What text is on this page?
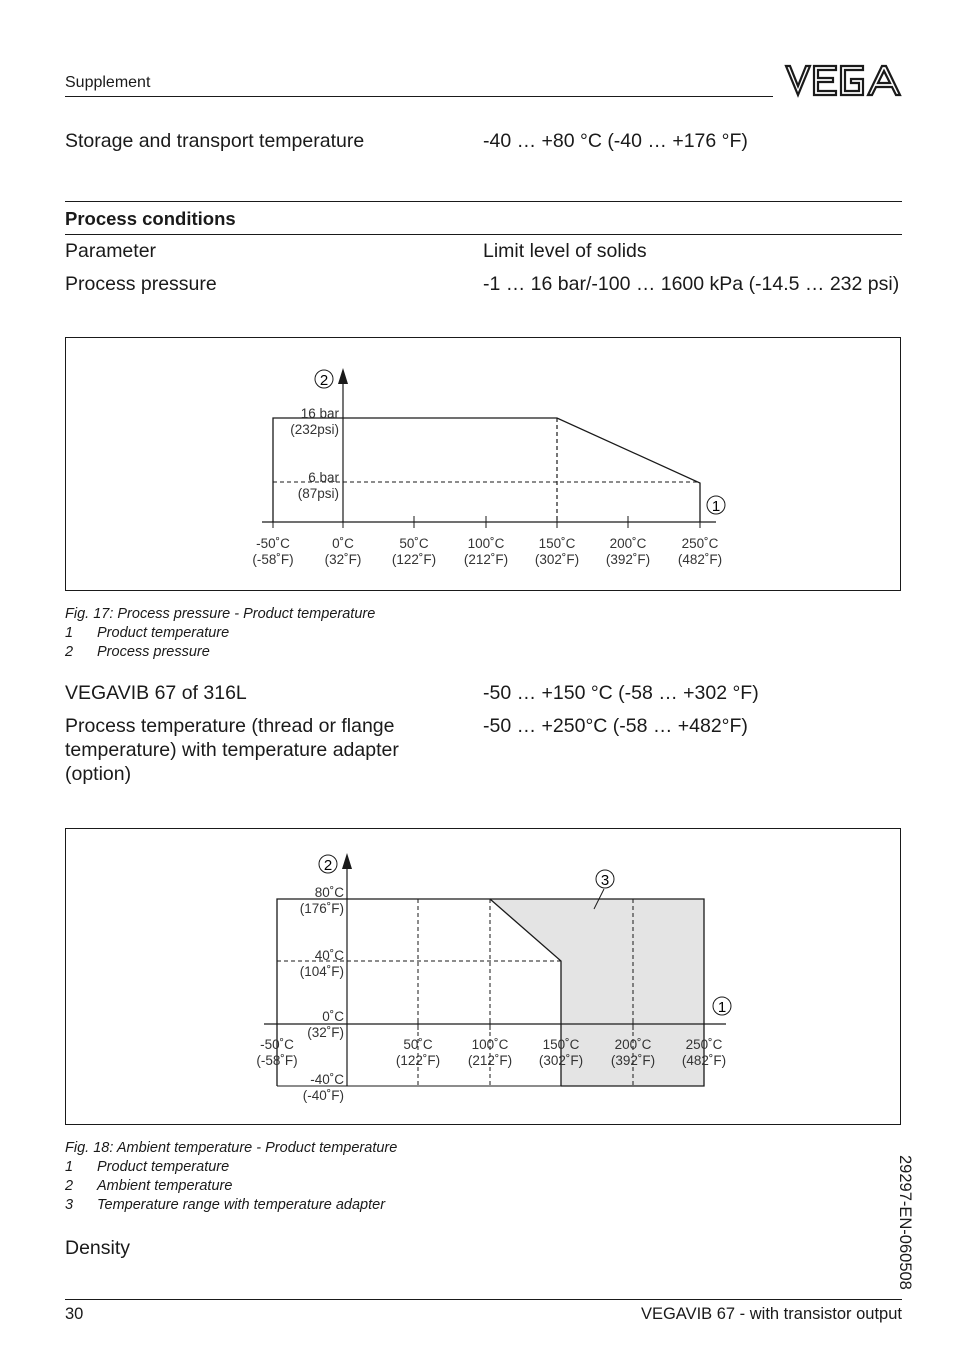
Supplement
Storage and transport temperature	-40 … +80 °C (-40 … +176 °F)
Process conditions
Parameter	Limit level of solids
Process pressure	-1 … 16 bar/-100 … 1600 kPa (-14.5 … 232 psi)
2
1
16 bar
(232psi)
6 bar
(87psi)
-50˚C
(-58˚F)
0˚C
(32˚F)
50˚C
(122˚F)
100˚C
(212˚F)
150˚C
(302˚F)
200˚C
(392˚F)
250˚C
(482˚F)
Fig. 17: Process pressure - Product temperature
1 Product temperature
2 Process pressure
VEGAVIB 67 of 316L	-50 … +150 °C (-58 … +302 °F)
Process temperature (thread or flange
temperature) with temperature adapter
(option)
-50 … +250°C (-58 … +482°F)
2
3
1
80˚C
(176˚F)
40˚C
(104˚F)
0˚C
(32˚F)
-40˚C
(-40˚F)
-50˚C
(-58˚F)
50˚C
(122˚F)
100˚C
(212˚F)
150˚C
(302˚F)
200˚C
(392˚F)
250˚C
(482˚F)
Fig. 18: Ambient temperature - Product temperature
1 Product temperature
2 Ambient temperature
3 Temperature range with temperature adapter
Density	29297-EN-060508
30	VEGAVIB 67 - with transistor output
